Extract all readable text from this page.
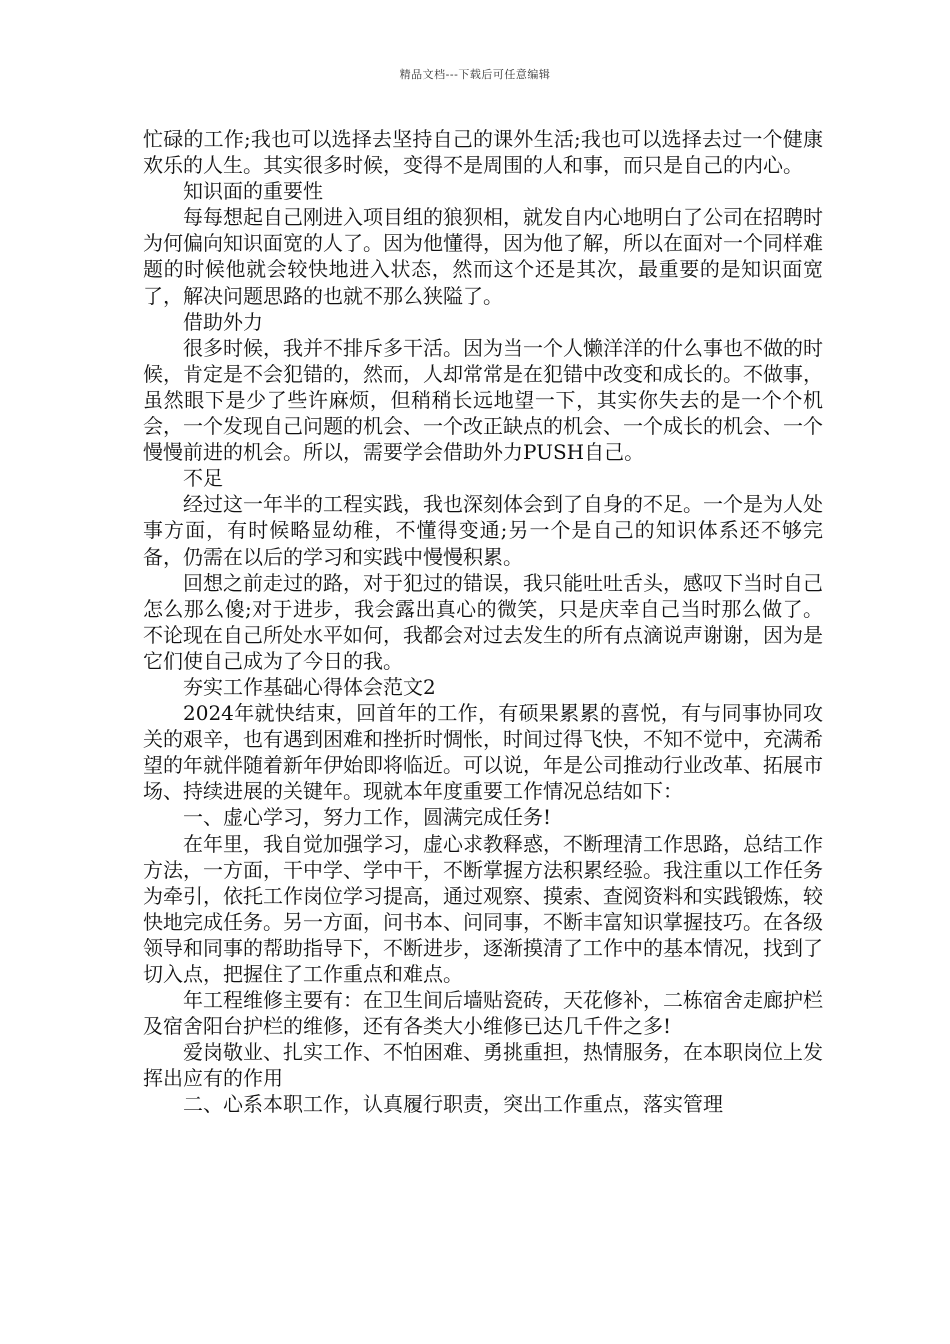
精品文档---下载后可任意编辑

忙碌的工作;我也可以选择去坚持自己的课外生活;我也可以选择去过一个健康欢乐的人生。其实很多时候，变得不是周围的人和事，而只是自己的内心。

知识面的重要性

每每想起自己刚进入项目组的狼狈相，就发自内心地明白了公司在招聘时为何偏向知识面宽的人了。因为他懂得，因为他了解，所以在面对一个同样难题的时候他就会较快地进入状态，然而这个还是其次，最重要的是知识面宽了，解决问题思路的也就不那么狭隘了。

借助外力

很多时候，我并不排斥多干活。因为当一个人懒洋洋的什么事也不做的时候，肯定是不会犯错的，然而，人却常常是在犯错中改变和成长的。不做事，虽然眼下是少了些许麻烦，但稍稍长远地望一下，其实你失去的是一个个机会，一个发现自己问题的机会、一个改正缺点的机会、一个成长的机会、一个慢慢前进的机会。所以，需要学会借助外力PUSH自己。

不足

经过这一年半的工程实践，我也深刻体会到了自身的不足。一个是为人处事方面，有时候略显幼稚，不懂得变通;另一个是自己的知识体系还不够完备，仍需在以后的学习和实践中慢慢积累。

回想之前走过的路，对于犯过的错误，我只能吐吐舌头，感叹下当时自己怎么那么傻;对于进步，我会露出真心的微笑，只是庆幸自己当时那么做了。不论现在自己所处水平如何，我都会对过去发生的所有点滴说声谢谢，因为是它们使自己成为了今日的我。

夯实工作基础心得体会范文2

2024年就快结束，回首年的工作，有硕果累累的喜悦，有与同事协同攻关的艰辛，也有遇到困难和挫折时惆怅，时间过得飞快，不知不觉中，充满希望的年就伴随着新年伊始即将临近。可以说，年是公司推动行业改革、拓展市场、持续进展的关键年。现就本年度重要工作情况总结如下：

一、虚心学习，努力工作，圆满完成任务!

在年里，我自觉加强学习，虚心求教释惑，不断理清工作思路，总结工作方法，一方面，干中学、学中干，不断掌握方法积累经验。我注重以工作任务为牵引，依托工作岗位学习提高，通过观察、摸索、查阅资料和实践锻炼，较快地完成任务。另一方面，问书本、问同事，不断丰富知识掌握技巧。在各级领导和同事的帮助指导下，不断进步，逐渐摸清了工作中的基本情况，找到了切入点，把握住了工作重点和难点。

年工程维修主要有：在卫生间后墙贴瓷砖，天花修补，二栋宿舍走廊护栏及宿舍阳台护栏的维修，还有各类大小维修已达几千件之多!

爱岗敬业、扎实工作、不怕困难、勇挑重担，热情服务，在本职岗位上发挥出应有的作用

二、心系本职工作，认真履行职责，突出工作重点，落实管理
